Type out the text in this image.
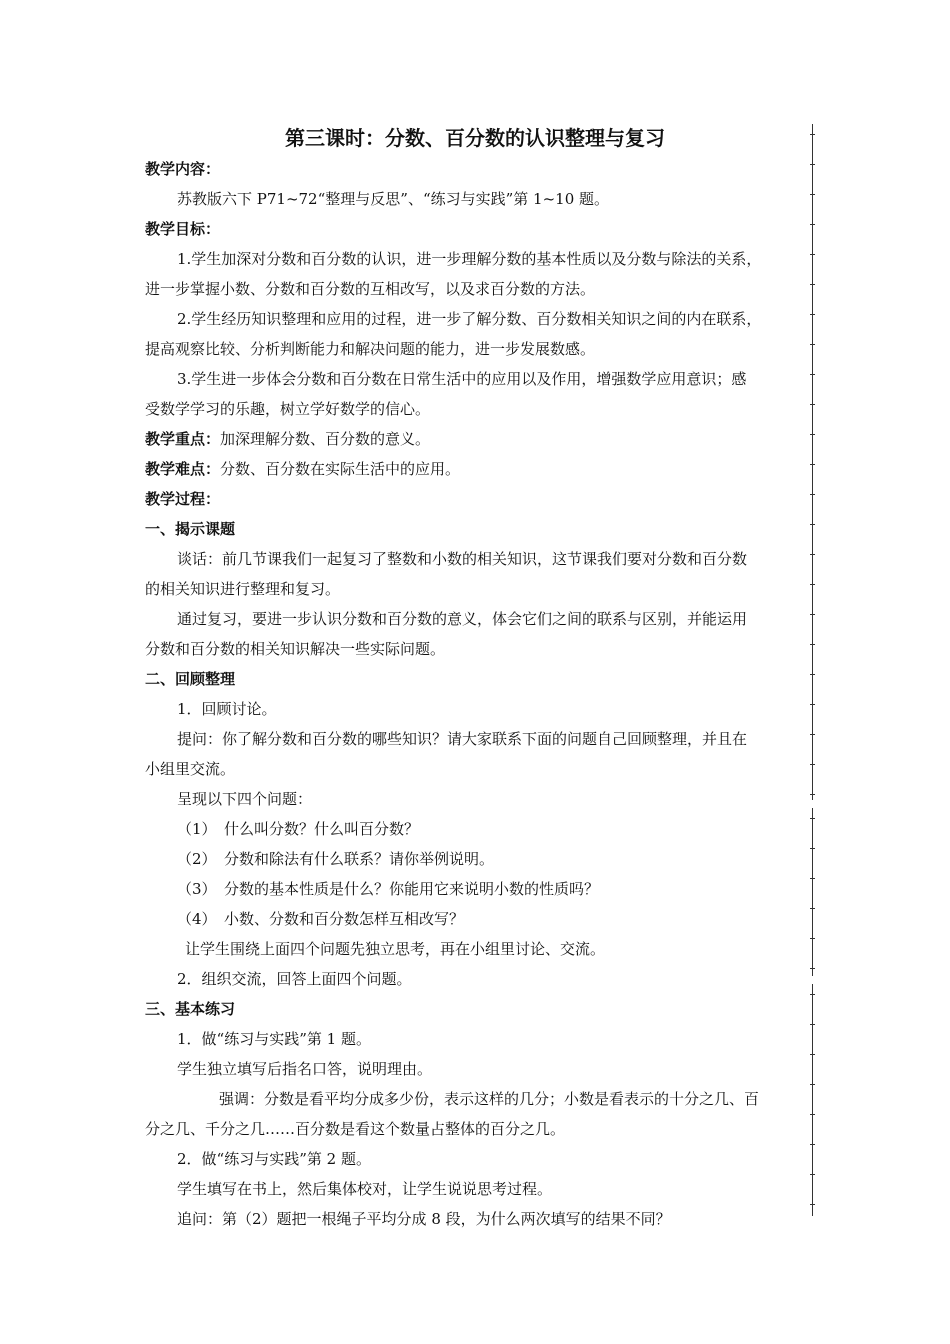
第三课时：分数、百分数的认识整理与复习
教学内容：
苏教版六下 P71~72“整理与反思”、“练习与实践”第 1~10 题。
教学目标：
1.学生加深对分数和百分数的认识，进一步理解分数的基本性质以及分数与除法的关系，
进一步掌握小数、分数和百分数的互相改写，以及求百分数的方法。
2.学生经历知识整理和应用的过程，进一步了解分数、百分数相关知识之间的内在联系，
提高观察比较、分析判断能力和解决问题的能力，进一步发展数感。
3.学生进一步体会分数和百分数在日常生活中的应用以及作用，增强数学应用意识；感
受数学学习的乐趣，树立学好数学的信心。
教学重点：加深理解分数、百分数的意义。
教学难点：分数、百分数在实际生活中的应用。
教学过程：
一、揭示课题
谈话：前几节课我们一起复习了整数和小数的相关知识，这节课我们要对分数和百分数
的相关知识进行整理和复习。
通过复习，要进一步认识分数和百分数的意义，体会它们之间的联系与区别，并能运用
分数和百分数的相关知识解决一些实际问题。
二、回顾整理
1．回顾讨论。
提问：你了解分数和百分数的哪些知识？请大家联系下面的问题自己回顾整理，并且在
小组里交流。
呈现以下四个问题：
（1）　什么叫分数？什么叫百分数？
（2）　分数和除法有什么联系？请你举例说明。
（3）　分数的基本性质是什么？你能用它来说明小数的性质吗？
（4）　小数、分数和百分数怎样互相改写？
让学生围绕上面四个问题先独立思考，再在小组里讨论、交流。
2．组织交流，回答上面四个问题。
三、基本练习
1．做“练习与实践”第 1 题。
学生独立填写后指名口答，说明理由。
强调：分数是看平均分成多少份，表示这样的几分；小数是看表示的十分之几、百
分之几、千分之几……百分数是看这个数量占整体的百分之几。
2．做“练习与实践”第 2 题。
学生填写在书上，然后集体校对，让学生说说思考过程。
追问：第（2）题把一根绳子平均分成 8 段，为什么两次填写的结果不同？
